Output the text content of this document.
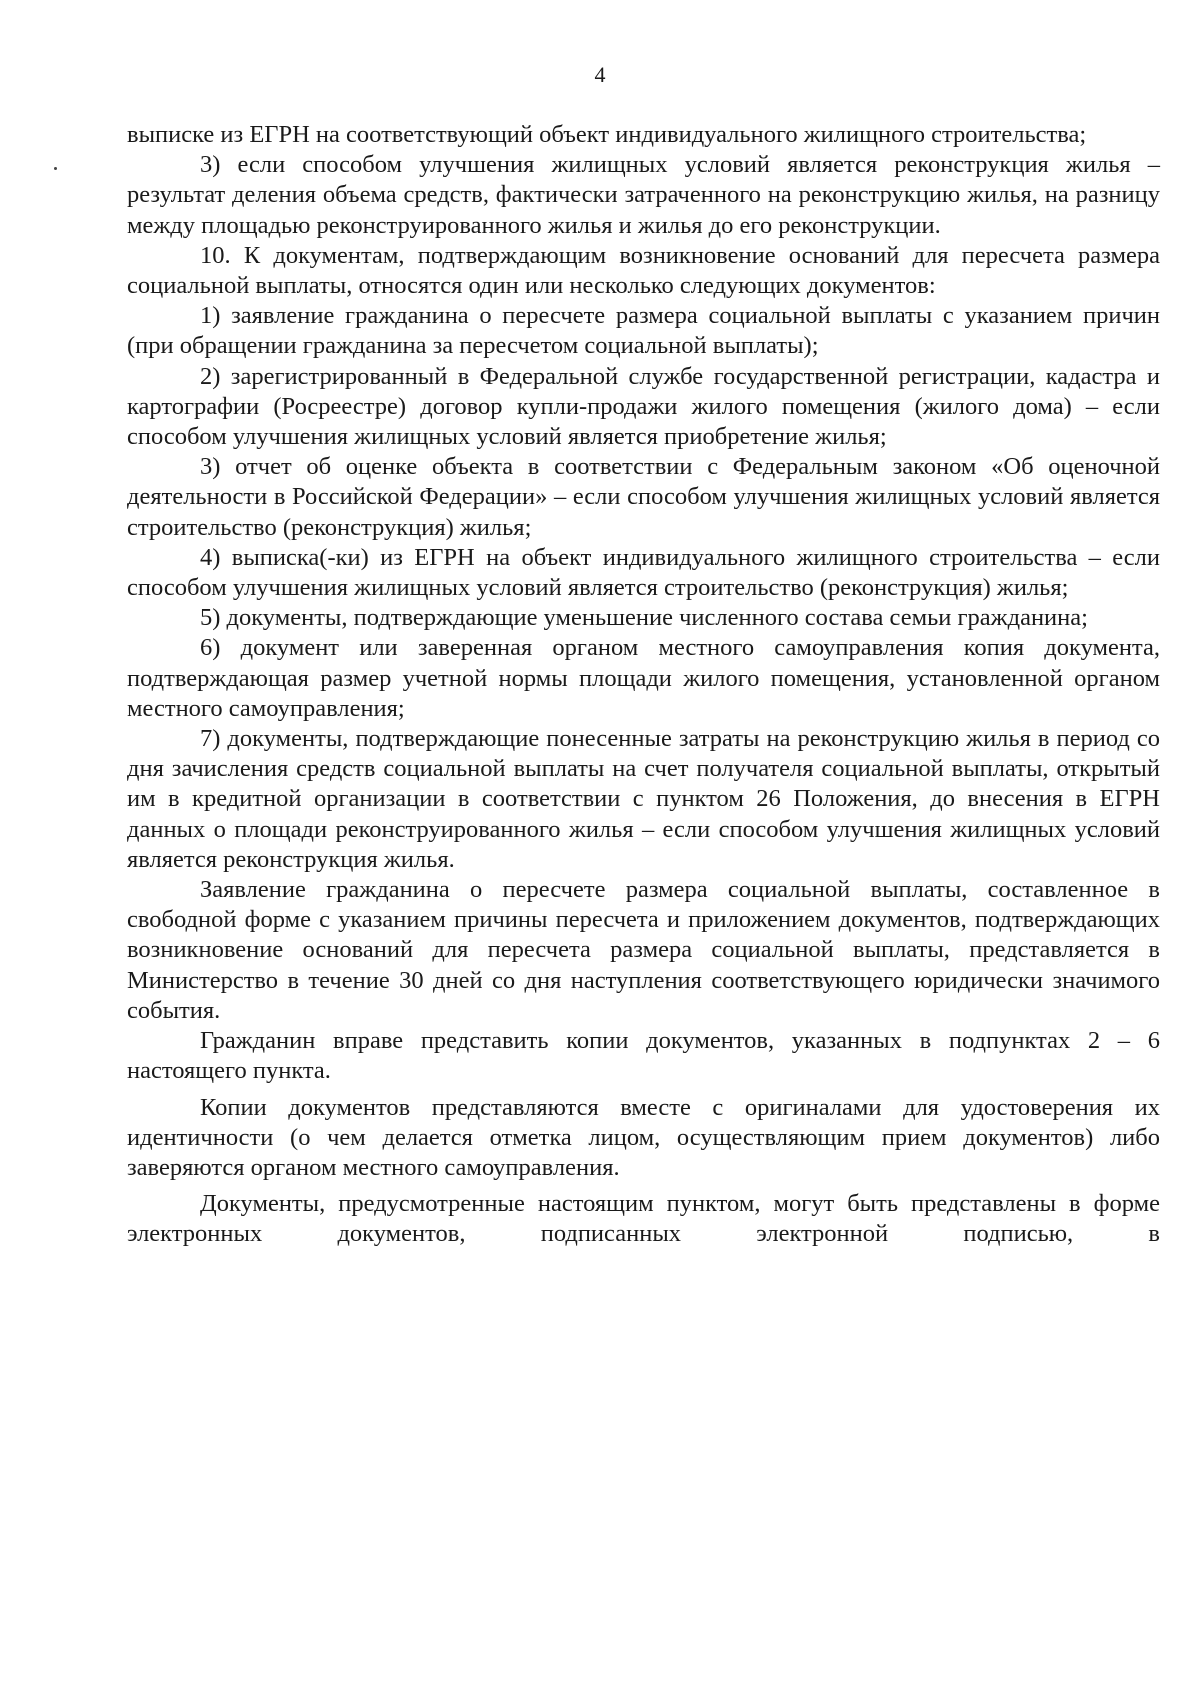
4

выписке из ЕГРН на соответствующий объект индивидуального жилищного строительства;

3) если способом улучшения жилищных условий является реконструкция жилья – результат деления объема средств, фактически затраченного на реконструкцию жилья, на разницу между площадью реконструированного жилья и жилья до его реконструкции.

10. К документам, подтверждающим возникновение оснований для пересчета размера социальной выплаты, относятся один или несколько следующих документов:

1) заявление гражданина о пересчете размера социальной выплаты с указанием причин (при обращении гражданина за пересчетом социальной выплаты);

2) зарегистрированный в Федеральной службе государственной регистрации, кадастра и картографии (Росреестре) договор купли-продажи жилого помещения (жилого дома) – если способом улучшения жилищных условий является приобретение жилья;

3) отчет об оценке объекта в соответствии с Федеральным законом «Об оценочной деятельности в Российской Федерации» – если способом улучшения жилищных условий является строительство (реконструкция) жилья;

4) выписка(-ки) из ЕГРН на объект индивидуального жилищного строительства – если способом улучшения жилищных условий является строительство (реконструкция) жилья;

5) документы, подтверждающие уменьшение численного состава семьи гражданина;

6) документ или заверенная органом местного самоуправления копия документа, подтверждающая размер учетной нормы площади жилого помещения, установленной органом местного самоуправления;

7) документы, подтверждающие понесенные затраты на реконструкцию жилья в период со дня зачисления средств социальной выплаты на счет получателя социальной выплаты, открытый им в кредитной организации в соответствии с пунктом 26 Положения, до внесения в ЕГРН данных о площади реконструированного жилья – если способом улучшения жилищных условий является реконструкция жилья.

Заявление гражданина о пересчете размера социальной выплаты, составленное в свободной форме с указанием причины пересчета и приложением документов, подтверждающих возникновение оснований для пересчета размера социальной выплаты, представляется в Министерство в течение 30 дней со дня наступления соответствующего юридически значимого события.

Гражданин вправе представить копии документов, указанных в подпунктах 2 – 6 настоящего пункта.

Копии документов представляются вместе с оригиналами для удостоверения их идентичности (о чем делается отметка лицом, осуществляющим прием документов) либо заверяются органом местного самоуправления.

Документы, предусмотренные настоящим пунктом, могут быть представлены в форме электронных документов, подписанных электронной подписью, в
